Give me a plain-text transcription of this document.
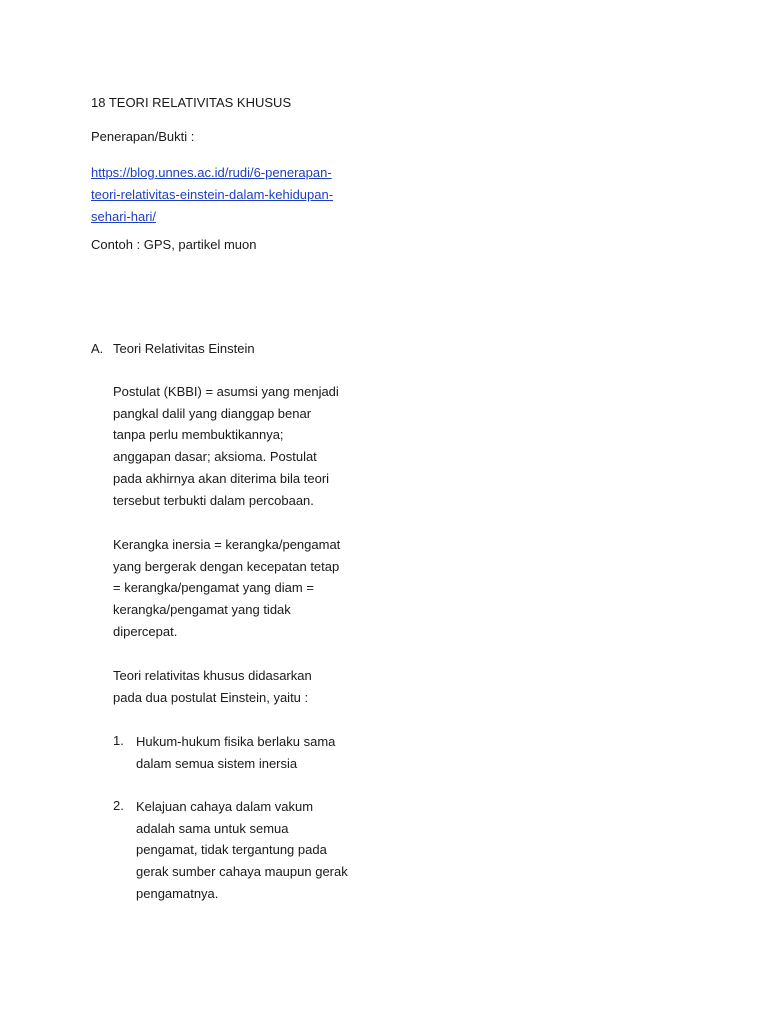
18 TEORI RELATIVITAS KHUSUS
Penerapan/Bukti :
https://blog.unnes.ac.id/rudi/6-penerapan-
teori-relativitas-einstein-dalam-kehidupan-
sehari-hari/
Contoh : GPS, partikel muon
A. Teori Relativitas Einstein
Postulat (KBBI) = asumsi yang menjadi
pangkal dalil yang dianggap benar
tanpa perlu membuktikannya;
anggapan dasar; aksioma. Postulat
pada akhirnya akan diterima bila teori
tersebut terbukti dalam percobaan.
Kerangka inersia = kerangka/pengamat
yang bergerak dengan kecepatan tetap
= kerangka/pengamat yang diam =
kerangka/pengamat yang tidak
dipercepat.
Teori relativitas khusus didasarkan
pada dua postulat Einstein, yaitu :
1. Hukum-hukum fisika berlaku sama
dalam semua sistem inersia
2. Kelajuan cahaya dalam vakum
adalah sama untuk semua
pengamat, tidak tergantung pada
gerak sumber cahaya maupun gerak
pengamatnya.
